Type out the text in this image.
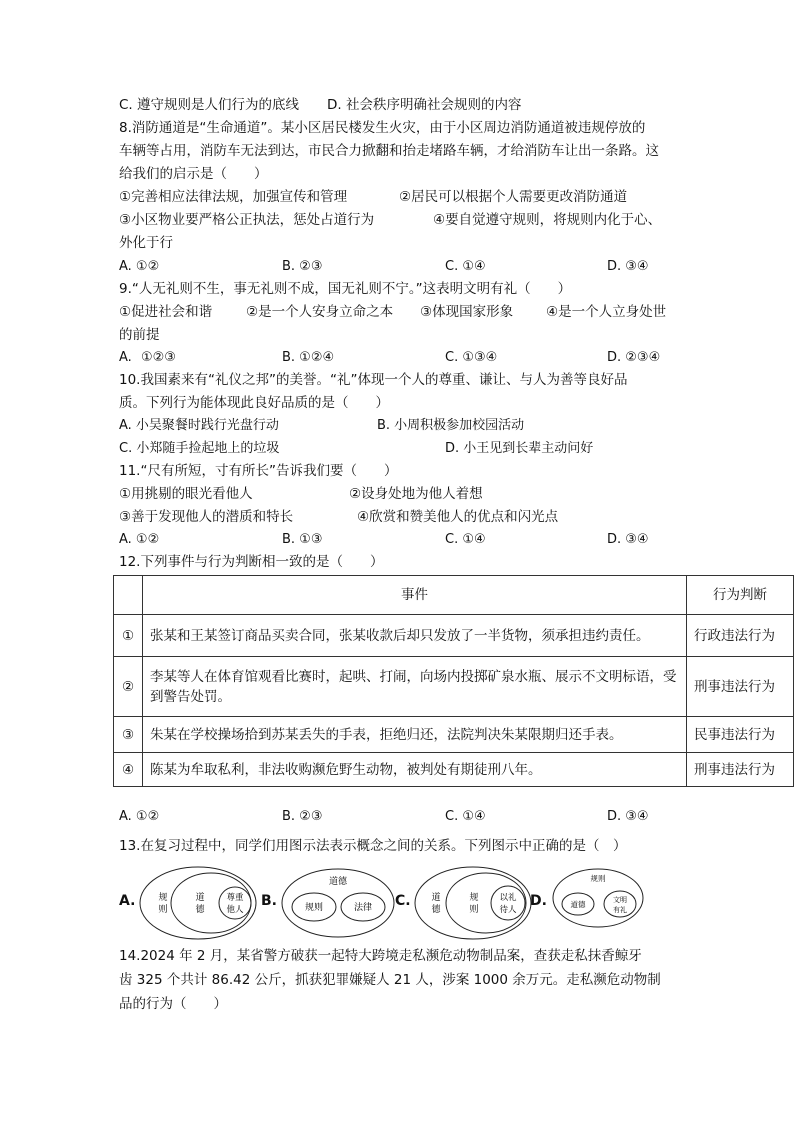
C. 遵守规则是人们行为的底线 D. 社会秩序明确社会规则的内容
8.消防通道是“生命通道”。某小区居民楼发生火灾，由于小区周边消防通道被违规停放的
车辆等占用，消防车无法到达，市民合力掀翻和抬走堵路车辆，才给消防车让出一条路。这
给我们的启示是（　　）
①完善相应法律法规，加强宣传和管理	②居民可以根据个人需要更改消防通道
③小区物业要严格公正执法，惩处占道行为	④要自觉遵守规则，将规则内化于心、
外化于行
A. ①②	B. ②③	C. ①④	D. ③④
9.“人无礼则不生，事无礼则不成，国无礼则不宁。”这表明文明有礼（　　）
①促进社会和谐	②是一个人安身立命之本 ③体现国家形象 ④是一个人立身处世
的前提
A. ①②③	B. ①②④	C. ①③④	D. ②③④
10.我国素来有“礼仪之邦”的美誉。“礼”体现一个人的尊重、谦让、与人为善等良好品
质。下列行为能体现此良好品质的是（　　）
A. 小吴聚餐时践行光盘行动	B. 小周积极参加校园活动
C. 小郑随手捡起地上的垃圾	D. 小王见到长辈主动问好
11.“尺有所短，寸有所长”告诉我们要（　　）
①用挑剔的眼光看他人	②设身处地为他人着想
③善于发现他人的潜质和特长	④欣赏和赞美他人的优点和闪光点
A. ①②	B. ①③	C. ①④	D. ③④
12.下列事件与行为判断相一致的是（　　）
	事件	行为判断
①	张某和王某签订商品买卖合同，张某收款后却只发放了一半货物，须承担违约责任。	行政违法行为
②	李某等人在体育馆观看比赛时，起哄、打闹，向场内投掷矿泉水瓶、展示不文明标语，受到警告处罚。	刑事违法行为
③	朱某在学校操场拾到苏某丢失的手表，拒绝归还，法院判决朱某限期归还手表。	民事违法行为
④	陈某为牟取私利，非法收购濒危野生动物，被判处有期徒刑八年。	刑事违法行为
A. ①②	B. ②③	C. ①④	D. ③④
13.在复习过程中，同学们用图示法表示概念之间的关系。下列图示中正确的是（　）
A.	规则
道德
尊重他人
B.
道德
规则	法律 C. 道德
规则
以礼待人
D.
规则
道德	文明有礼
14.2024 年 2 月，某省警方破获一起特大跨境走私濒危动物制品案，查获走私抹香鲸牙
齿 325 个共计 86.42 公斤，抓获犯罪嫌疑人 21 人，涉案 1000 余万元。走私濒危动物制
品的行为（　　）
